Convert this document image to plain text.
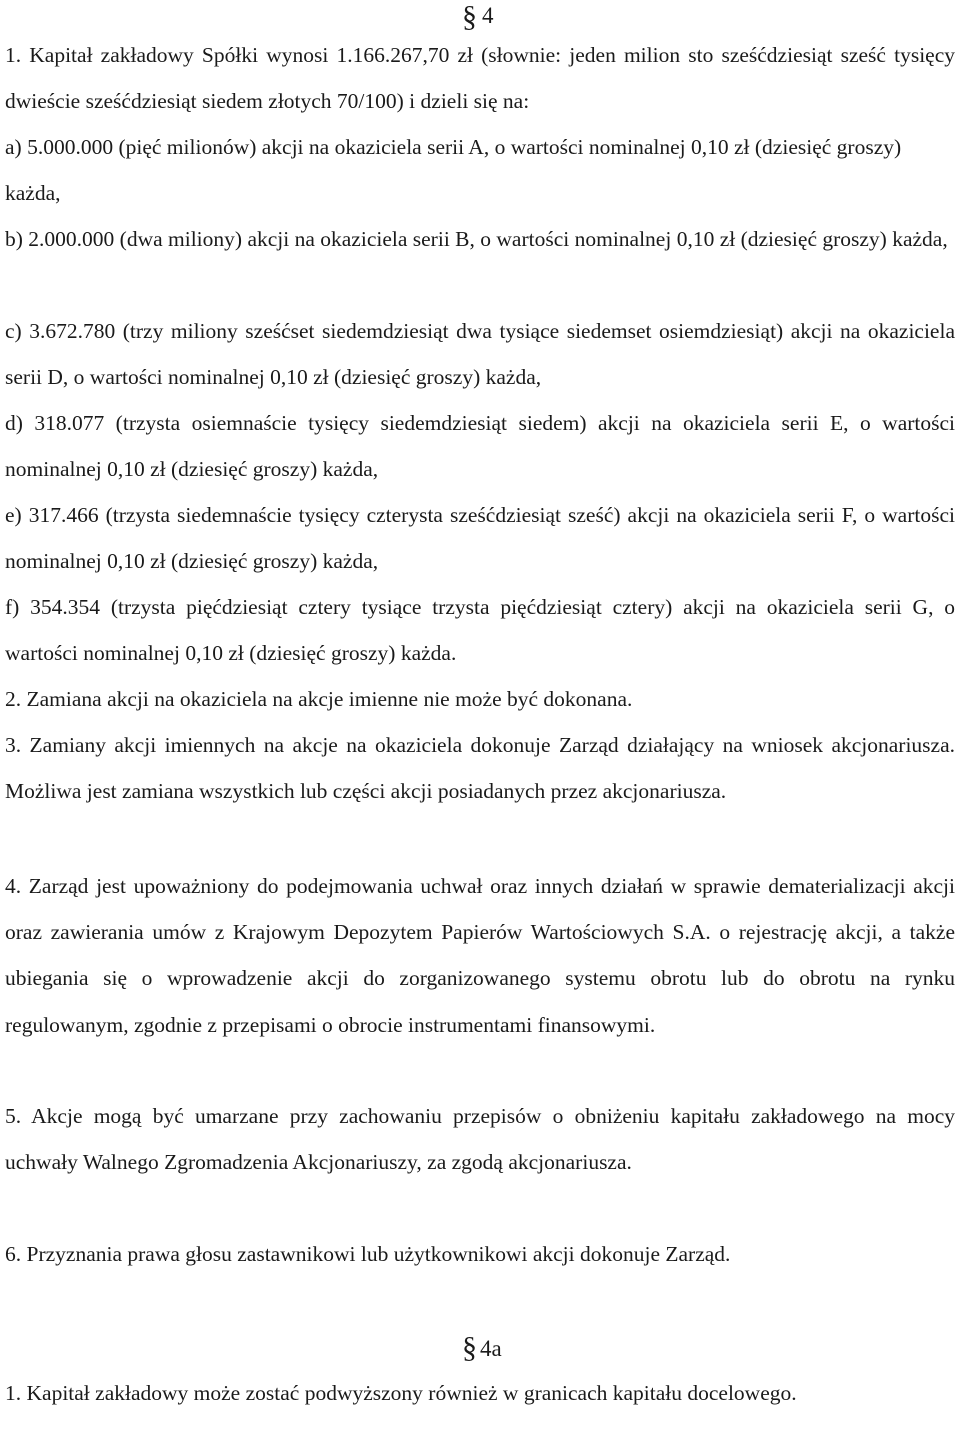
§ 4

1. Kapitał zakładowy Spółki wynosi 1.166.267,70 zł (słownie: jeden milion sto sześćdziesiąt sześć tysięcy dwieście sześćdziesiąt siedem złotych 70/100) i dzieli się na:

a) 5.000.000 (pięć milionów) akcji na okaziciela serii A, o wartości nominalnej 0,10 zł (dziesięć groszy) każda,

b) 2.000.000 (dwa miliony) akcji na okaziciela serii B, o wartości nominalnej 0,10 zł (dziesięć groszy) każda,

c) 3.672.780 (trzy miliony sześćset siedemdziesiąt dwa tysiące siedemset osiemdziesiąt) akcji na okaziciela serii D, o wartości nominalnej 0,10 zł (dziesięć groszy) każda,

d) 318.077 (trzysta osiemnaście tysięcy siedemdziesiąt siedem) akcji na okaziciela serii E, o wartości nominalnej 0,10 zł (dziesięć groszy) każda,

e) 317.466 (trzysta siedemnaście tysięcy czterysta sześćdziesiąt sześć) akcji na okaziciela serii F, o wartości nominalnej 0,10 zł (dziesięć groszy) każda,

f) 354.354 (trzysta pięćdziesiąt cztery tysiące trzysta pięćdziesiąt cztery) akcji na okaziciela serii G, o wartości nominalnej 0,10 zł (dziesięć groszy) każda.

2. Zamiana akcji na okaziciela na akcje imienne nie może być dokonana.

3. Zamiany akcji imiennych na akcje na okaziciela dokonuje Zarząd działający na wniosek akcjonariusza. Możliwa jest zamiana wszystkich lub części akcji posiadanych przez akcjonariusza.

4. Zarząd jest upoważniony do podejmowania uchwał oraz innych działań w sprawie dematerializacji akcji oraz zawierania umów z Krajowym Depozytem Papierów Wartościowych S.A. o rejestrację akcji, a także ubiegania się o wprowadzenie akcji do zorganizowanego systemu obrotu lub do obrotu na rynku regulowanym, zgodnie z przepisami o obrocie instrumentami finansowymi.

5. Akcje mogą być umarzane przy zachowaniu przepisów o obniżeniu kapitału zakładowego na mocy uchwały Walnego Zgromadzenia Akcjonariuszy, za zgodą akcjonariusza.

6. Przyznania prawa głosu zastawnikowi lub użytkownikowi akcji dokonuje Zarząd.

§ 4a

1. Kapitał zakładowy może zostać podwyższony również w granicach kapitału docelowego.
